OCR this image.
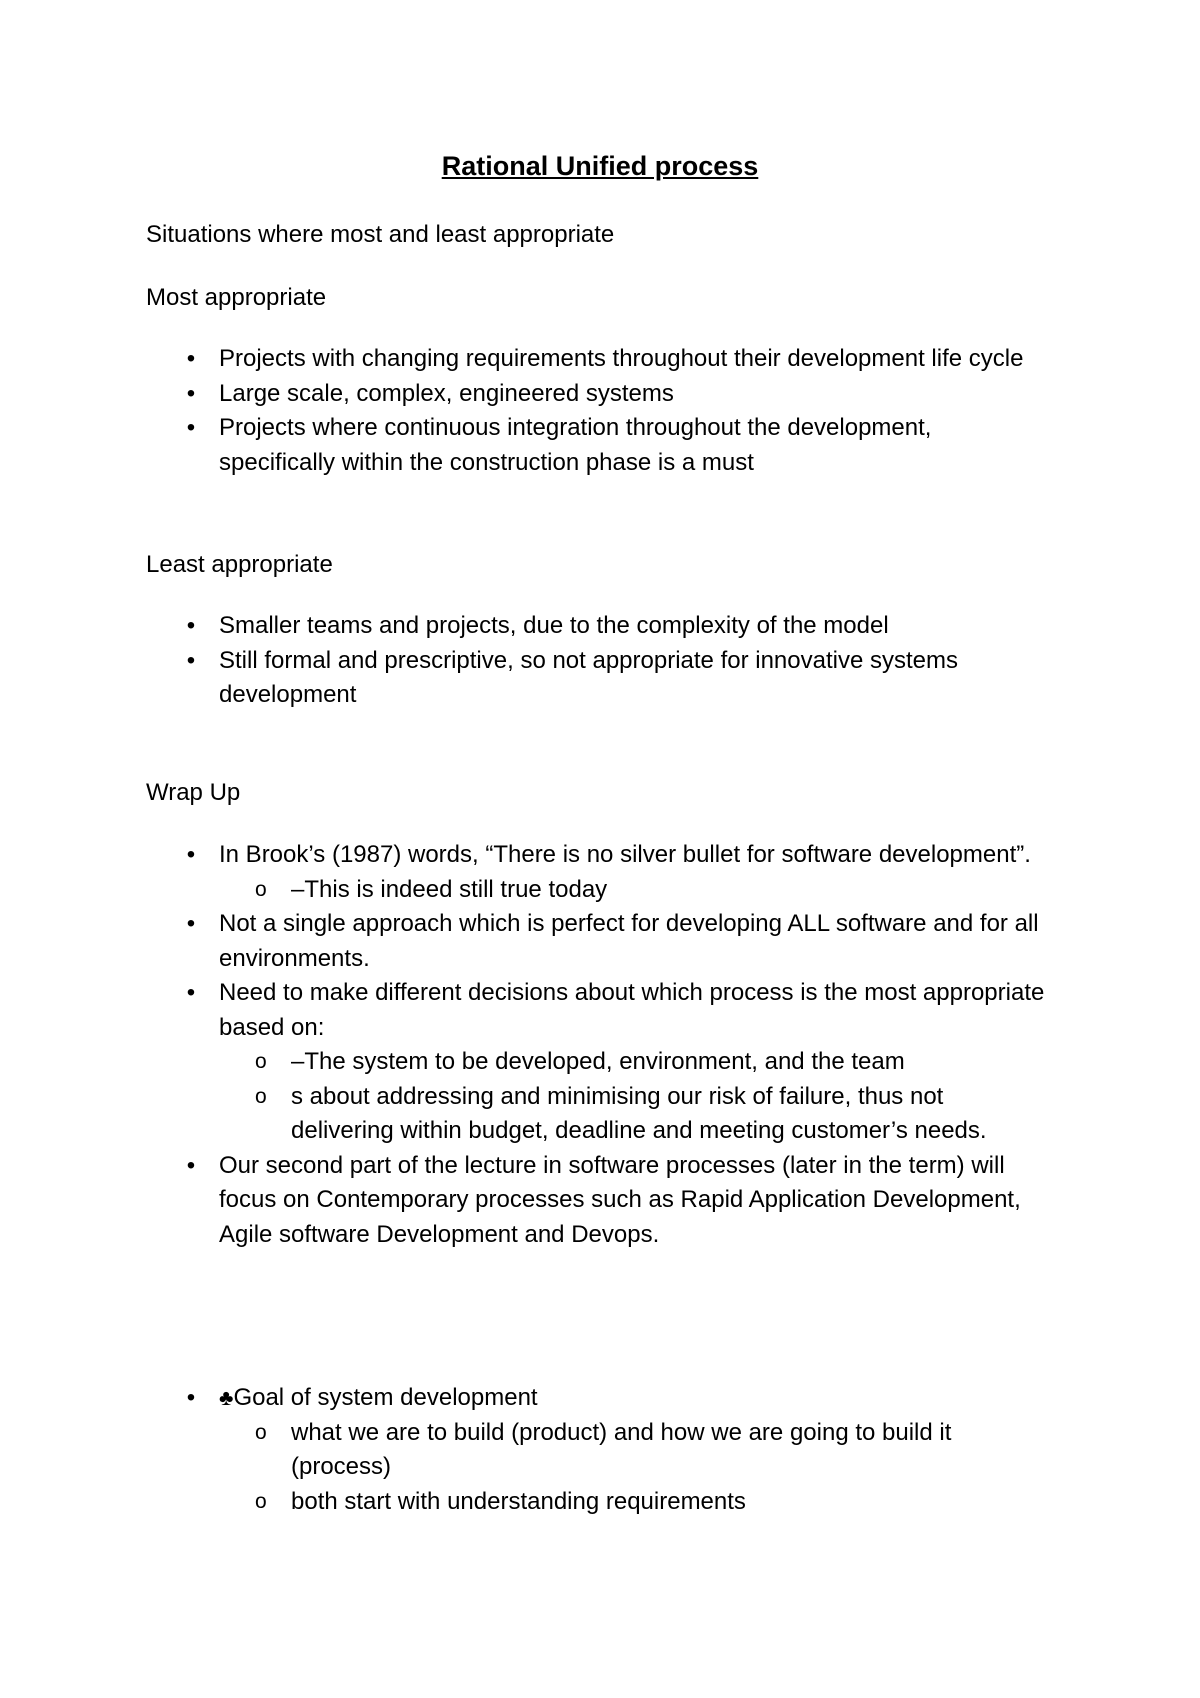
Rational Unified process

Situations where most and least appropriate

Most appropriate

• Projects with changing requirements throughout their development life cycle
• Large scale, complex, engineered systems
• Projects where continuous integration throughout the development, specifically within the construction phase is a must

Least appropriate

• Smaller teams and projects, due to the complexity of the model
• Still formal and prescriptive, so not appropriate for innovative systems development

Wrap Up

• In Brook’s (1987) words, “There is no silver bullet for software development”.
o –This is indeed still true today
• Not a single approach which is perfect for developing ALL software and for all environments.
• Need to make different decisions about which process is the most appropriate based on:
o –The system to be developed, environment, and the team
o s about addressing and minimising our risk of failure, thus not delivering within budget, deadline and meeting customer’s needs.
• Our second part of the lecture in software processes (later in the term) will focus on Contemporary processes such as Rapid Application Development, Agile software Development and Devops.
• ♣Goal of system development
o what we are to build (product) and how we are going to build it (process)
o both start with understanding requirements
